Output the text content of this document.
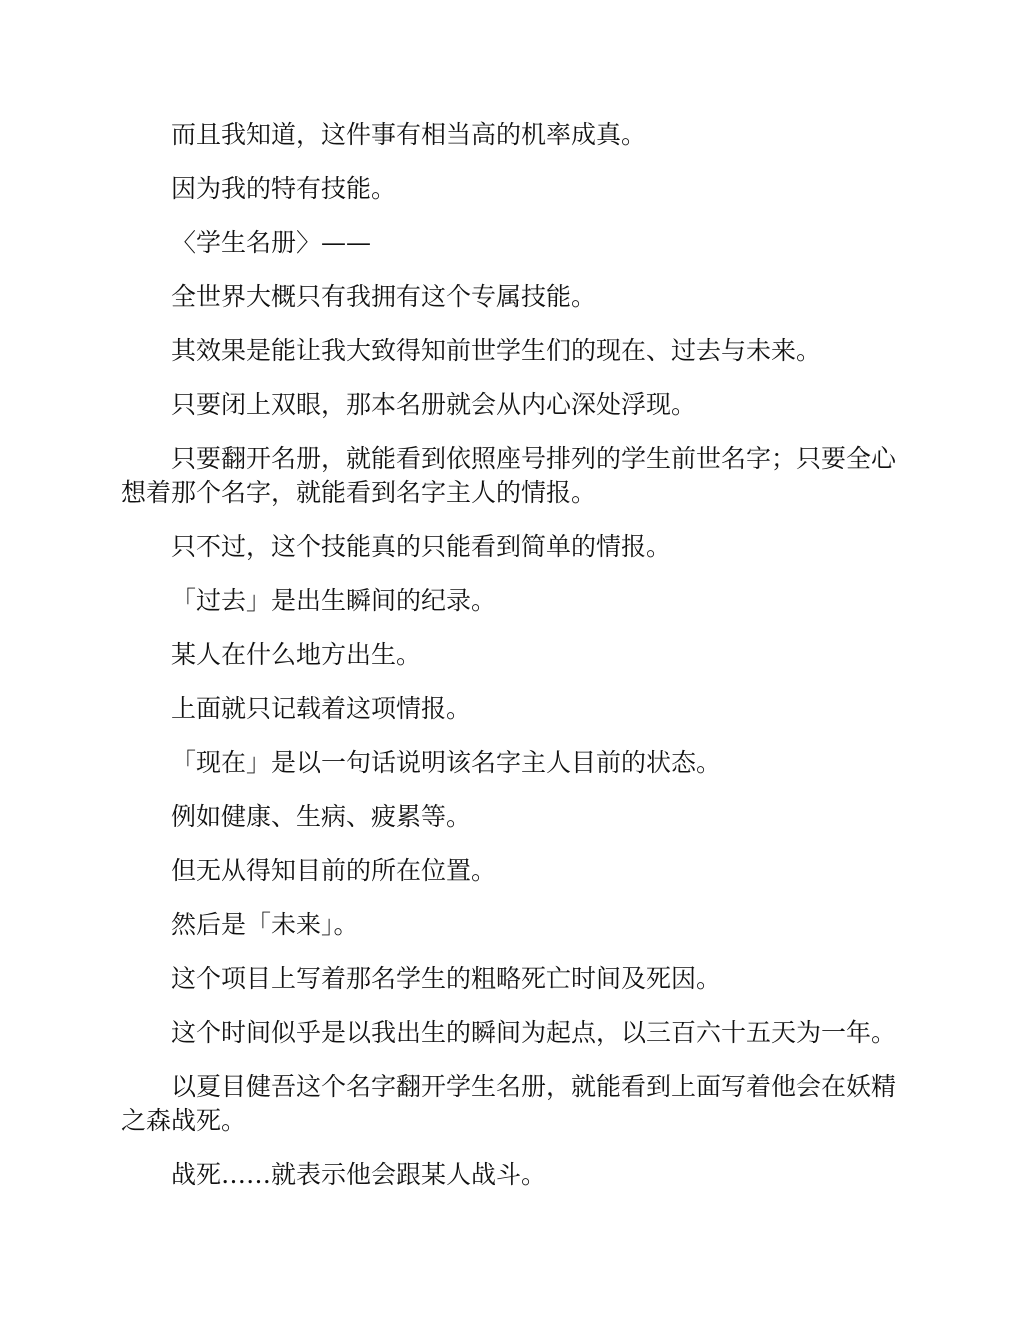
而且我知道，这件事有相当高的机率成真。

因为我的特有技能。

〈学生名册〉——

全世界大概只有我拥有这个专属技能。

其效果是能让我大致得知前世学生们的现在、过去与未来。

只要闭上双眼，那本名册就会从内心深处浮现。

只要翻开名册，就能看到依照座号排列的学生前世名字；只要全心想着那个名字，就能看到名字主人的情报。

只不过，这个技能真的只能看到简单的情报。

「过去」是出生瞬间的纪录。

某人在什么地方出生。

上面就只记载着这项情报。

「现在」是以一句话说明该名字主人目前的状态。

例如健康、生病、疲累等。

但无从得知目前的所在位置。

然后是「未来」。

这个项目上写着那名学生的粗略死亡时间及死因。

这个时间似乎是以我出生的瞬间为起点，以三百六十五天为一年。

以夏目健吾这个名字翻开学生名册，就能看到上面写着他会在妖精之森战死。

战死……就表示他会跟某人战斗。
